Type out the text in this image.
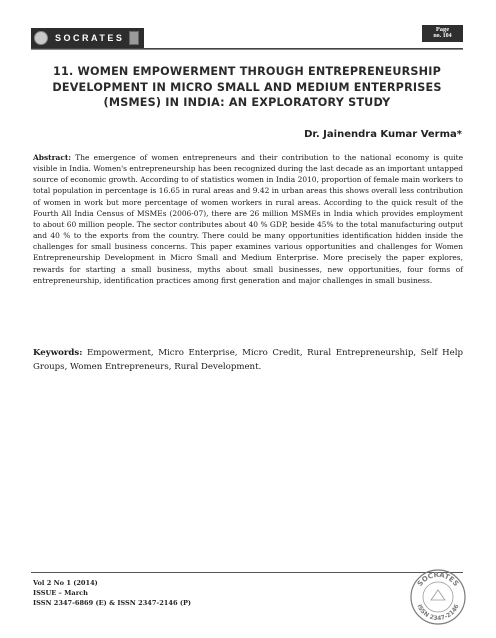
SOCRATES
Page
no. 104
11. WOMEN EMPOWERMENT THROUGH ENTREPRENEURSHIP DEVELOPMENT IN MICRO SMALL AND MEDIUM ENTERPRISES (MSMES) IN INDIA: AN EXPLORATORY STUDY
Dr. Jainendra Kumar Verma*

Abstract: The emergence of women entrepreneurs and their contribution to the national economy is quite visible in India. Women's entrepreneurship has been recognized during the last decade as an important untapped source of economic growth. According to of statistics women in India 2010, proportion of female main workers to total population in percentage is 16.65 in rural areas and 9.42 in urban areas this shows overall less contribution of women in work but more percentage of women workers in rural areas. According to the quick result of the Fourth All India Census of MSMEs (2006-07), there are 26 million MSMEs in India which provides employment to about 60 million people. The sector contributes about 40 % GDP, beside 45% to the total manufacturing output and 40 % to the exports from the country. There could be many opportunities identification hidden inside the challenges for small business concerns. This paper examines various opportunities and challenges for Women Entrepreneurship Development in Micro Small and Medium Enterprise. More precisely the paper explores, rewards for starting a small business, myths about small businesses, new opportunities, four forms of entrepreneurship, identification practices among first generation and major challenges in small business.

Keywords: Empowerment, Micro Enterprise, Micro Credit, Rural Entrepreneurship, Self Help Groups, Women Entrepreneurs, Rural Development.

Vol 2 No 1 (2014)
ISSUE – March
ISSN 2347-6869 (E) & ISSN 2347-2146 (P)
SOCRATES
ISSN 2347-2146
